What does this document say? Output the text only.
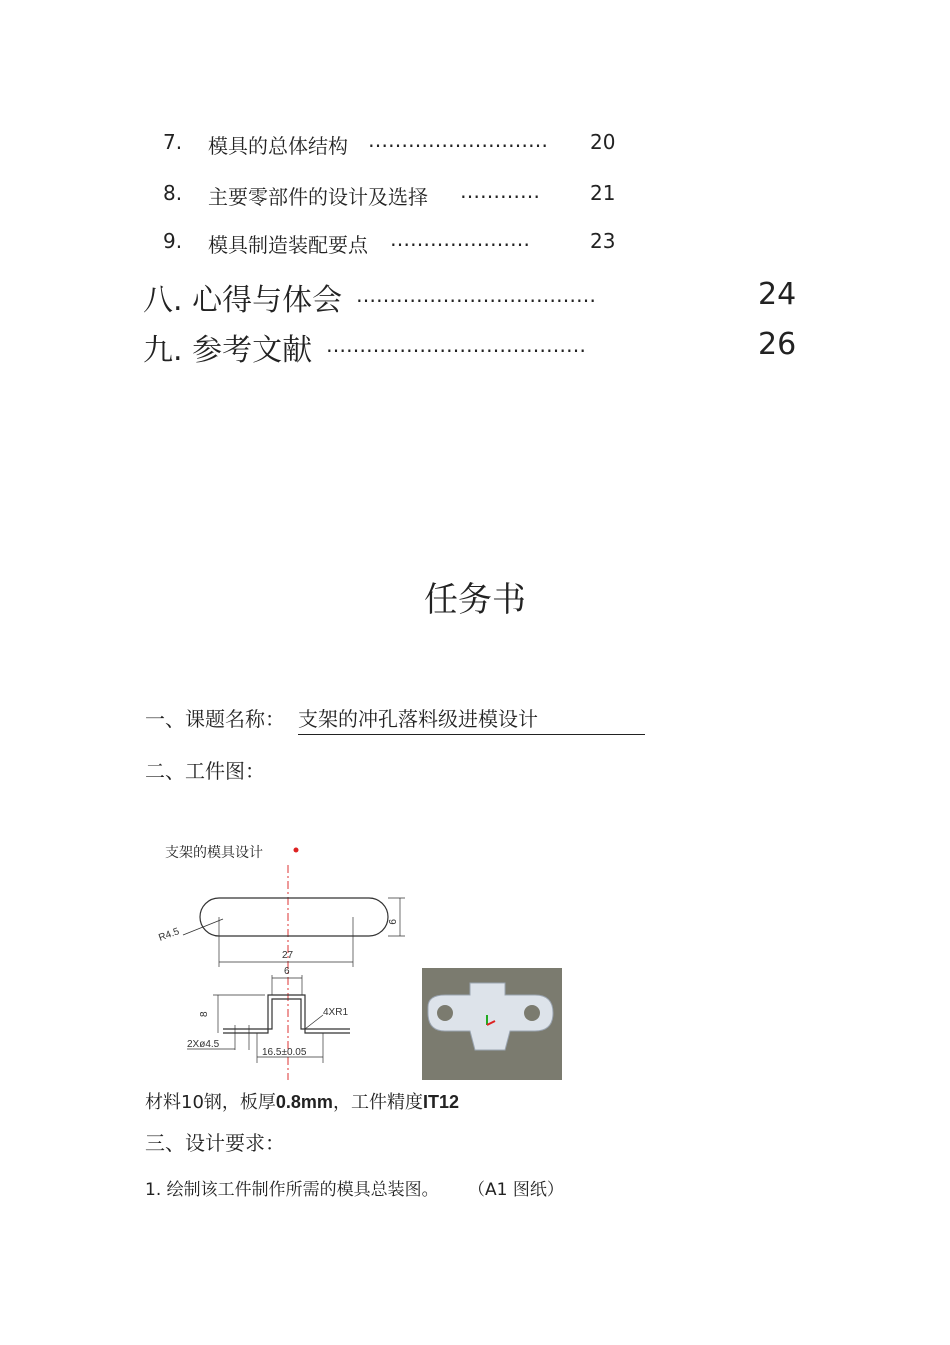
7. 模具的总体结构 ……………………… 20
8. 主要零部件的设计及选择 …………	21
9. 模具制造装配要点 …………………	23
八. 心得与体会 ………………………………	24
九. 参考文献 …………………………………	26
任务书
一、课题名称： 支架的冲孔落料级进模设计
二、工件图：
支架的模具设计
R4.5
9
27
6
8	4XR1
2Xø4.5
16.5±0.05
材料10钢，板厚0.8mm，工件精度IT12
三、设计要求：
1. 绘制该工件制作所需的模具总装图。 （A1 图纸）
